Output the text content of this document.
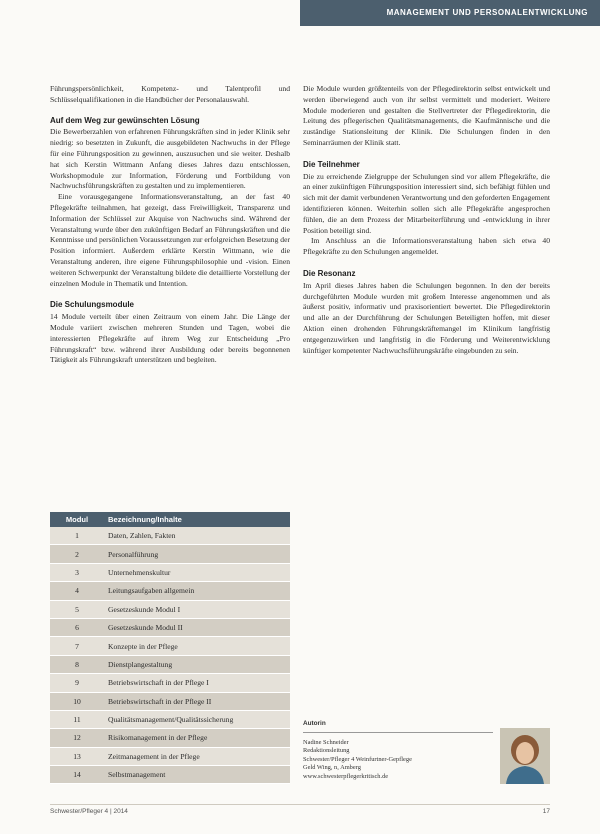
MANAGEMENT UND PERSONALENTWICKLUNG

Führungspersönlichkeit, Kompetenz- und Talentprofil und Schlüsselqualifikationen in die Handbücher der Personalauswahl.

Auf dem Weg zur gewünschten Lösung

Die Bewerberzahlen von erfahrenen Führungskräften sind in jeder Klinik sehr niedrig: so besetzten in Zukunft, die ausgebildeten Nachwuchs in der Pflege für eine Führungsposition zu gewinnen, auszusuchen und sie weiter. Deshalb hat sich Kerstin Wittmann Anfang dieses Jahres dazu entschlossen, Workshopmodule zur Information, Förderung und Fortbildung von Nachwuchsführungskräften zu gestalten und zu implementieren.

Eine vorausgegangene Informationsveranstaltung, an der fast 40 Pflegekräfte teilnahmen, hat gezeigt, dass Freiwilligkeit, Transparenz und Information der Schlüssel zur Akquise von Nachwuchs sind. Während der Veranstaltung wurde über den zukünftigen Bedarf an Führungskräften und die Kenntnisse und persönlichen Voraussetzungen zur erfolgreichen Besetzung der Position informiert. Außerdem erklärte Kerstin Wittmann, wie die Veranstaltung anderen, ihre eigene Führungsphilosophie und -vision. Einen weiteren Schwerpunkt der Veranstaltung bildete die detaillierte Vorstellung der einzelnen Module in Thematik und Intention.

Die Schulungsmodule

14 Module verteilt über einen Zeitraum von einem Jahr. Die Länge der Module variiert zwischen mehreren Stunden und Tagen, wobei die interessierten Pflegekräfte auf ihrem Weg zur Entscheidung „Pro Führungskraft“ bzw. während ihrer Ausbildung oder bereits begonnenen Tätigkeit als Führungskraft unterstützen und begleiten.

Modul	Bezeichnung/Inhalte
1	Daten, Zahlen, Fakten
2	Personalführung
3	Unternehmenskultur
4	Leitungsaufgaben allgemein
5	Gesetzeskunde Modul I
6	Gesetzeskunde Modul II
7	Konzepte in der Pflege
8	Dienstplangestaltung
9	Betriebswirtschaft in der Pflege I
10	Betriebswirtschaft in der Pflege II
11	Qualitätsmanagement/Qualitätssicherung
12	Risikomanagement in der Pflege
13	Zeitmanagement in der Pflege
14	Selbstmanagement

Die Module wurden größtenteils von der Pflegedirektorin selbst entwickelt und werden überwiegend auch von ihr selbst vermittelt und moderiert. Weitere Module moderieren und gestalten die Stellvertreter der Pflegedirektorin, die Leitung des pflegerischen Qualitätsmanagements, die Kaufmännische und die zuständige Stationsleitung der Klinik. Die Schulungen finden in den Seminarräumen der Klinik statt.

Die Teilnehmer

Die zu erreichende Zielgruppe der Schulungen sind vor allem Pflegekräfte, die an einer zukünftigen Führungsposition interessiert sind, sich befähigt fühlen und sich mit der damit verbundenen Verantwortung und den geforderten Engagement identifizieren können. Weiterhin sollen sich alle Pflegekräfte angesprochen fühlen, die an dem Prozess der Mitarbeiterführung und -entwicklung in ihrer Position beteiligt sind.

Im Anschluss an die Informationsveranstaltung haben sich etwa 40 Pflegekräfte zu den Schulungen angemeldet.

Die Resonanz

Im April dieses Jahres haben die Schulungen begonnen. In den der bereits durchgeführten Module wurden mit großem Interesse angenommen und als äußerst positiv, informativ und praxisorientiert bewertet. Die Pflegedirektorin und alle an der Durchführung der Schulungen Beteiligten hoffen, mit dieser Aktion einen drohenden Führungskräftemangel im Klinikum langfristig entgegenzuwirken und langfristig in die Förderung und Weiterentwicklung künftiger kompetenter Nachwuchsführungskräfte eingebunden zu sein.

Autorin
Nadine Schneider
Redaktionsleitung
Schwester/Pfleger 4 Weinfurtner-Gepflege
Geld Wing, n, Amberg
www.schwesterpflegerkritisch.de
Schwester/Pfleger 4 | 2014	17
